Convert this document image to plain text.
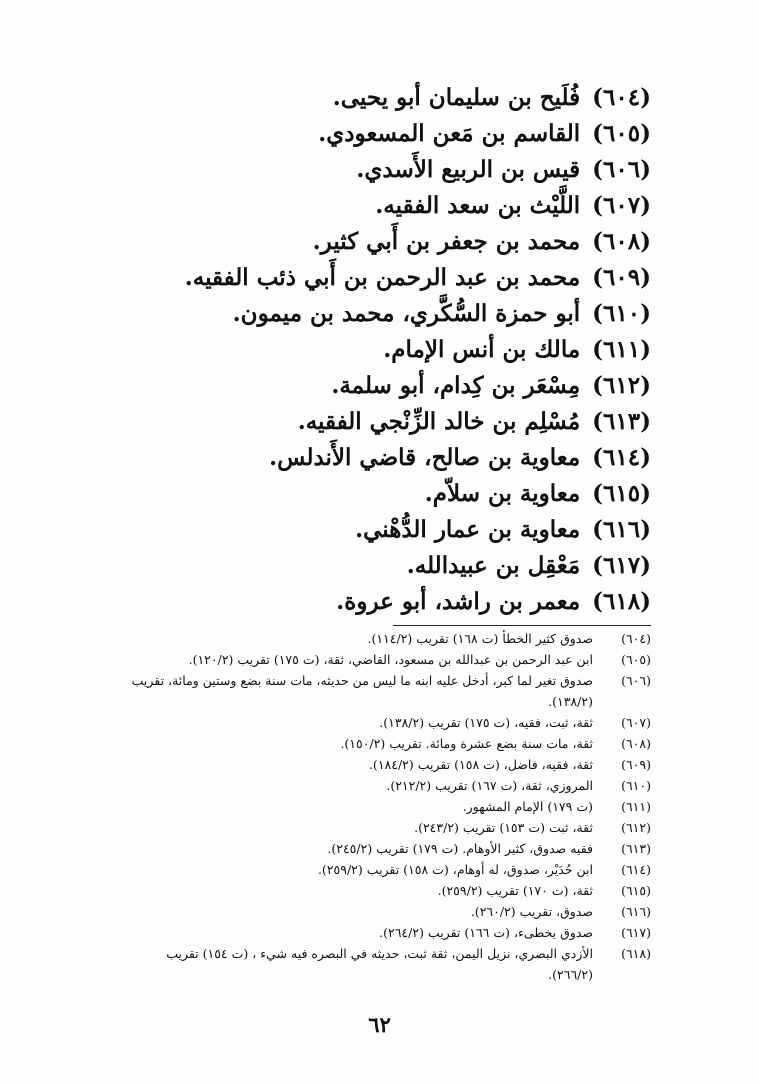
(٦٠٤)فُلَيح بن سليمان أبو يحيى.
(٦٠٥)القاسم بن مَعن المسعودي.
(٦٠٦)قيس بن الربيع الأَسدي.
(٦٠٧)اللَّيْث بن سعد الفقيه.
(٦٠٨)محمد بن جعفر بن أَبي كثير.
(٦٠٩)محمد بن عبد الرحمن بن أَبي ذئب الفقيه.
(٦١٠)أبو حمزة السُّكَّري، محمد بن ميمون.
(٦١١)مالك بن أنس الإمام.
(٦١٢)مِسْعَر بن كِدام، أبو سلمة.
(٦١٣)مُسْلِم بن خالد الزِّنْجي الفقيه.
(٦١٤)معاوية بن صالح، قاضي الأَندلس.
(٦١٥)معاوية بن سلاّم.
(٦١٦)معاوية بن عمار الدُّهْني.
(٦١٧)مَعْقِل بن عبيدالله.
(٦١٨)معمر بن راشد، أبو عروة.
(٦٠٤)صدوق كثير الخطأ (ت ١٦٨) تقريب (١١٤/٢).
(٦٠٥)ابن عبد الرحمن بن عبدالله بن مسعود، القاضي، ثقة، (ت ١٧٥) تقريب (١٢٠/٢).
(٦٠٦)صدوق تغير لما كبر، أدخل عليه ابنه ما ليس من حديثه، مات سنة بضع وستين ومائة، تقريب
(١٣٨/٢).
(٦٠٧)ثقة، ثبت، فقيه، (ت ١٧٥) تقريب (١٣٨/٢).
(٦٠٨)ثقة، مات سنة بضع عشرة ومائة. تقريب (١٥٠/٢).
(٦٠٩)ثقة، فقيه، فاضل، (ت ١٥٨) تقريب (١٨٤/٢).
(٦١٠)المروزي، ثقة، (ت ١٦٧) تقريب (٢١٢/٢).
(٦١١)(ت ١٧٩) الإمام المشهور.
(٦١٢)ثقة، ثبت (ت ١٥٣) تقريب (٢٤٣/٢).
(٦١٣)فقيه صدوق، كثير الأوهام. (ت ١٧٩) تقريب (٢٤٥/٢).
(٦١٤)ابن حُدَيْر، صدوق، له أوهام، (ت ١٥٨) تقريب (٢٥٩/٢).
(٦١٥)ثقة، (ت ١٧٠) تقريب (٢٥٩/٢).
(٦١٦)صدوق، تقريب (٢٦٠/٢).
(٦١٧)صدوق يخطىء، (ت ١٦٦) تقريب (٢٦٤/٢).
(٦١٨)الأزدي البصري، نزيل اليمن، ثقة ثبت، حديثه في البصره فيه شيء ، (ت ١٥٤) تقريب
(٢٦٦/٢).
٦٢
